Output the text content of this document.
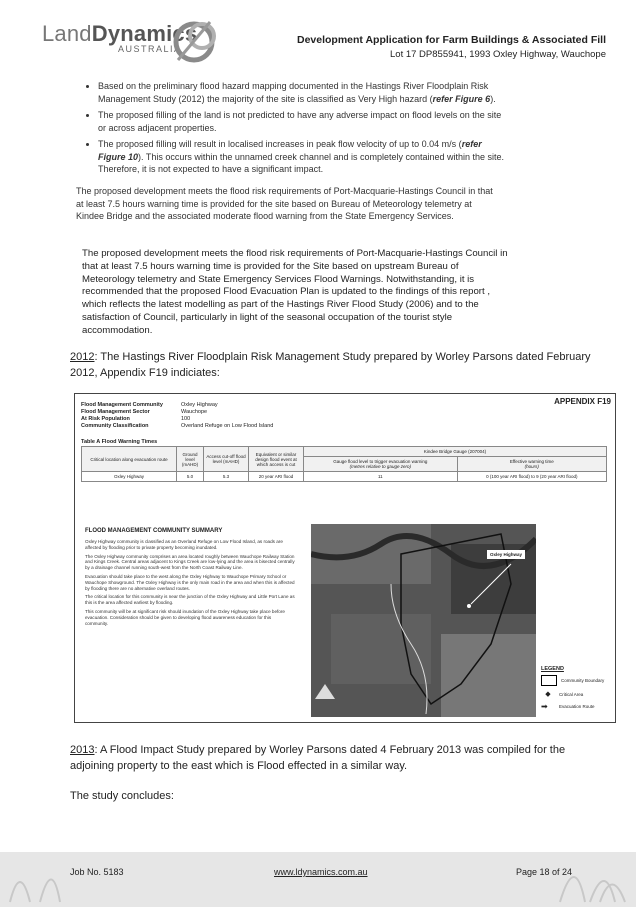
LandDynamics
AUSTRALIA
Development Application for Farm Buildings & Associated Fill
Lot 17 DP855941, 1993 Oxley Highway, Wauchope
• Based on the preliminary flood hazard mapping documented in the Hastings River Floodplain Risk Management Study (2012) the majority of the site is classified as Very High hazard (refer Figure 6).
• The proposed filling of the land is not predicted to have any adverse impact on flood levels on the site or across adjacent properties.
• The proposed filling will result in localised increases in peak flow velocity of up to 0.04 m/s (refer Figure 10). This occurs within the unnamed creek channel and is completely contained within the site. Therefore, it is not expected to have a significant impact.
The proposed development meets the flood risk requirements of Port-Macquarie-Hastings Council in that at least 7.5 hours warning time is provided for the site based on Bureau of Meteorology telemetry at Kindee Bridge and the associated moderate flood warning from the State Emergency Services.
The proposed development meets the flood risk requirements of Port-Macquarie-Hastings Council in that at least 7.5 hours warning time is provided for the Site based on upstream Bureau of Meteorology telemetry and State Emergency Services Flood Warnings. Notwithstanding, it is recommended that the proposed Flood Evacuation Plan is updated to the findings of this report , which reflects the latest modelling as part of the Hastings River Flood Study (2006) and to the satisfaction of Council, particularly in light of the seasonal occupation of the tourist style accommodation.
2012: The Hastings River Floodplain Risk Management Study prepared by Worley Parsons dated February 2012, Appendix F19 indiciates:
APPENDIX F19
Flood Management Community	Oxley Highway
Flood Management Sector	Wauchope
At Risk Population	100
Community Classification	Overland Refuge on Low Flood Island
Table A Flood Warning Times
Critical location along evacuation route	Ground level (mAHD)	Access cut-off flood level (mAHD)	Equivalent or similar design flood event at which access is cut	Kindee Bridge Gauge (207004)	

				Gauge flood level to trigger evacuation warning
(metres relative to gauge zero)	Effective warning time
(hours)
Oxley Highway	5.0	5.3	20 year ARI flood	11	0 (100 year ARI flood) to 9 (20 year ARI flood)
FLOOD MANAGEMENT COMMUNITY SUMMARY

Oxley Highway community is classified as an Overland Refuge on Low Flood Island, as roads are affected by flooding prior to private property becoming inundated.

The Oxley Highway community comprises an area located roughly between Wauchope Railway Station and Kings Creek. Central areas adjacent to Kings Creek are low-lying and the area is bisected centrally by a drainage channel running south-west from the North Coast Railway Line.

Evacuation should take place to the west along the Oxley Highway to Wauchope Primary School or Wauchope Showground. The Oxley Highway is the only main road in the area and when this is affected by flooding there are no alternative overland routes.

The critical location for this community is near the junction of the Oxley Highway and Little Port Lane as this is the area affected earliest by flooding.

This community will be at significant risk should inundation of the Oxley Highway take place before evacuation. Consideration should be given to developing flood awareness education for this community.

Oxley Highway
LEGEND
Community Boundary
◆	Critical Area
➡	Evacuation Route
2013: A Flood Impact Study prepared by Worley Parsons dated 4 February 2013 was compiled for the adjoining property to the east which is Flood effected in a similar way.
The study concludes:
Job No. 5183	www.ldynamics.com.au	Page 18 of 24
